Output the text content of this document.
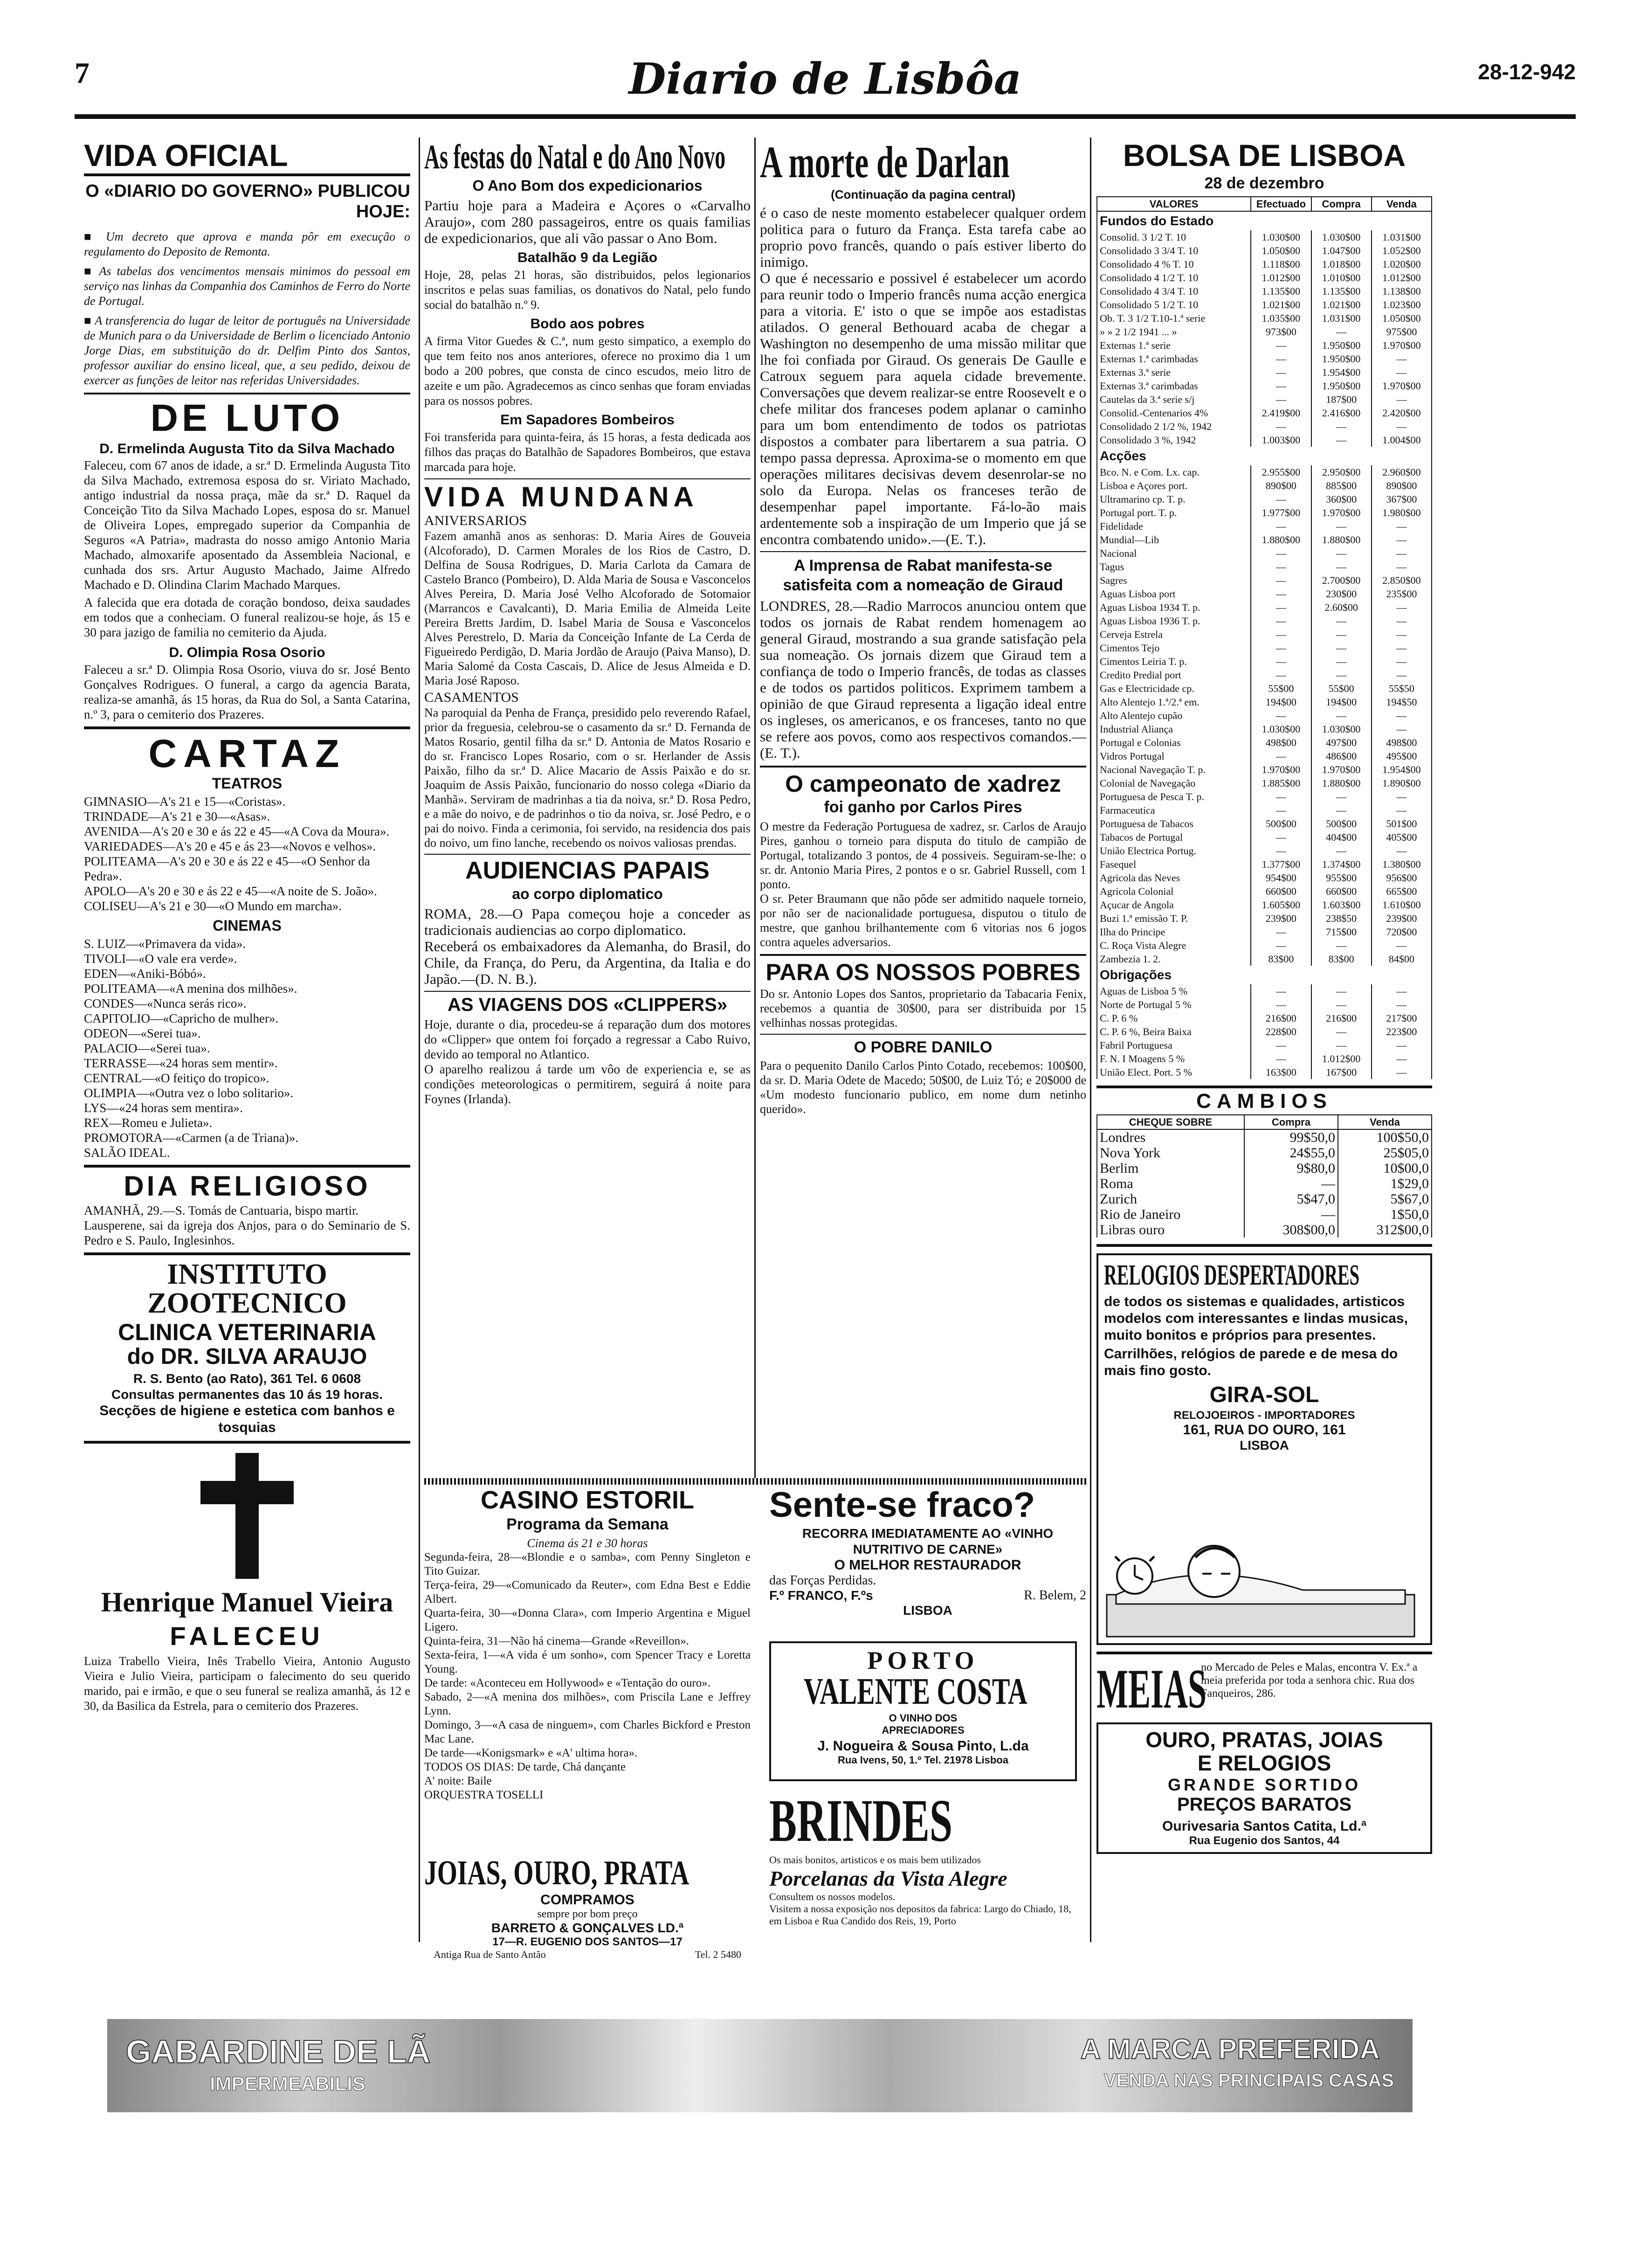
7	Diario de Lisbôa	28-12-942
VIDA OFICIAL
O «DIARIO DO GOVERNO» PUBLICOU HOJE:
■ Um decreto que aprova e manda pôr em execução o regulamento do Deposito de Remonta.
■ As tabelas dos vencimentos mensais minimos do pessoal em serviço nas linhas da Companhia dos Caminhos de Ferro do Norte de Portugal.
■ A transferencia do lugar de leitor de português na Universidade de Munich para o da Universidade de Berlim o licenciado Antonio Jorge Dias, em substituição do dr. Delfim Pinto dos Santos, professor auxiliar do ensino liceal, que, a seu pedido, deixou de exercer as funções de leitor nas referidas Universidades.
DE LUTO
D. Ermelinda Augusta Tito da Silva Machado
Faleceu, com 67 anos de idade, a sr.ª D. Ermelinda Augusta Tito da Silva Machado, extremosa esposa do sr. Viriato Machado, antigo industrial da nossa praça, mãe da sr.ª D. Raquel da Conceição Tito da Silva Machado Lopes, esposa do sr. Manuel de Oliveira Lopes, empregado superior da Companhia de Seguros «A Patria», madrasta do nosso amigo Antonio Maria Machado, almoxarife aposentado da Assembleia Nacional, e cunhada dos srs. Artur Augusto Machado, Jaime Alfredo Machado e D. Olindina Clarim Machado Marques.
A falecida que era dotada de coração bondoso, deixa saudades em todos que a conheciam. O funeral realizou-se hoje, ás 15 e 30 para jazigo de familia no cemiterio da Ajuda.
D. Olimpia Rosa Osorio
Faleceu a sr.ª D. Olimpia Rosa Osorio, viuva do sr. José Bento Gonçalves Rodrigues. O funeral, a cargo da agencia Barata, realiza-se amanhã, ás 15 horas, da Rua do Sol, a Santa Catarina, n.º 3, para o cemiterio dos Prazeres.
CARTAZ
TEATROS
GIMNASIO—A's 21 e 15—«Coristas».
TRINDADE—A's 21 e 30—«Asas».
AVENIDA—A's 20 e 30 e ás 22 e 45—«A Cova da Moura».
VARIEDADES—A's 20 e 45 e ás 23—«Novos e velhos».
POLITEAMA—A's 20 e 30 e ás 22 e 45—«O Senhor da Pedra».
APOLO—A's 20 e 30 e ás 22 e 45—«A noite de S. João».
COLISEU—A's 21 e 30—«O Mundo em marcha».
CINEMAS
S. LUIZ—«Primavera da vida».
TIVOLI—«O vale era verde».
EDEN—«Aniki-Bóbó».
POLITEAMA—«A menina dos milhões».
CONDES—«Nunca serás rico».
CAPITOLIO—«Capricho de mulher».
ODEON—«Serei tua».
PALACIO—«Serei tua».
TERRASSE—«24 horas sem mentir».
CENTRAL—«O feitiço do tropico».
OLIMPIA—«Outra vez o lobo solitario».
LYS—«24 horas sem mentira».
REX—Romeu e Julieta».
PROMOTORA—«Carmen (a de Triana)».
SALÃO IDEAL.
DIA RELIGIOSO
AMANHÃ, 29.—S. Tomás de Cantuaria, bispo martir.
Lausperene, sai da igreja dos Anjos, para o do Seminario de S. Pedro e S. Paulo, Inglesinhos.
INSTITUTO ZOOTECNICO
CLINICA VETERINARIA
do DR. SILVA ARAUJO
R. S. Bento (ao Rato), 361 Tel. 6 0608
Consultas permanentes das 10 ás 19 horas.
Secções de higiene e estetica com banhos e tosquias
Henrique Manuel Vieira
FALECEU
Luiza Trabello Vieira, Inês Trabello Vieira, Antonio Augusto Vieira e Julio Vieira, participam o falecimento do seu querido marido, pai e irmão, e que o seu funeral se realiza amanhã, ás 12 e 30, da Basilica da Estrela, para o cemiterio dos Prazeres.
As festas do Natal e do Ano Novo
O Ano Bom dos expedicionarios
Partiu hoje para a Madeira e Açores o «Carvalho Araujo», com 280 passageiros, entre os quais familias de expedicionarios, que ali vão passar o Ano Bom.
Batalhão 9 da Legião
Hoje, 28, pelas 21 horas, são distribuidos, pelos legionarios inscritos e pelas suas familias, os donativos do Natal, pelo fundo social do batalhão n.º 9.
Bodo aos pobres
A firma Vitor Guedes & C.ª, num gesto simpatico, a exemplo do que tem feito nos anos anteriores, oferece no proximo dia 1 um bodo a 200 pobres, que consta de cinco escudos, meio litro de azeite e um pão. Agradecemos as cinco senhas que foram enviadas para os nossos pobres.
Em Sapadores Bombeiros
Foi transferida para quinta-feira, ás 15 horas, a festa dedicada aos filhos das praças do Batalhão de Sapadores Bombeiros, que estava marcada para hoje.
VIDA MUNDANA
ANIVERSARIOS
Fazem amanhã anos as senhoras: D. Maria Aires de Gouveia (Alcoforado), D. Carmen Morales de los Rios de Castro, D. Delfina de Sousa Rodrigues, D. Maria Carlota da Camara de Castelo Branco (Pombeiro), D. Alda Maria de Sousa e Vasconcelos Alves Pereira, D. Maria José Velho Alcoforado de Sotomaior (Marrancos e Cavalcanti), D. Maria Emilia de Almeida Leite Pereira Bretts Jardim, D. Isabel Maria de Sousa e Vasconcelos Alves Perestrelo, D. Maria da Conceição Infante de La Cerda de Figueiredo Perdigão, D. Maria Jordão de Araujo (Paiva Manso), D. Maria Salomé da Costa Cascais, D. Alice de Jesus Almeida e D. Maria José Raposo.
CASAMENTOS
Na paroquial da Penha de França, presidido pelo reverendo Rafael, prior da freguesia, celebrou-se o casamento da sr.ª D. Fernanda de Matos Rosario, gentil filha da sr.ª D. Antonia de Matos Rosario e do sr. Francisco Lopes Rosario, com o sr. Herlander de Assis Paixão, filho da sr.ª D. Alice Macario de Assis Paixão e do sr. Joaquim de Assis Paixão, funcionario do nosso colega «Diario da Manhã». Serviram de madrinhas a tia da noiva, sr.ª D. Rosa Pedro, e a mãe do noivo, e de padrinhos o tio da noiva, sr. José Pedro, e o pai do noivo. Finda a cerimonia, foi servido, na residencia dos pais do noivo, um fino lanche, recebendo os noivos valiosas prendas.
AUDIENCIAS PAPAIS
ao corpo diplomatico
ROMA, 28.—O Papa começou hoje a conceder as tradicionais audiencias ao corpo diplomatico.
Receberá os embaixadores da Alemanha, do Brasil, do Chile, da França, do Peru, da Argentina, da Italia e do Japão.—(D. N. B.).
AS VIAGENS DOS «CLIPPERS»
Hoje, durante o dia, procedeu-se á reparação dum dos motores do «Clipper» que ontem foi forçado a regressar a Cabo Ruivo, devido ao temporal no Atlantico.
O aparelho realizou á tarde um vôo de experiencia e, se as condições meteorologicas o permitirem, seguirá á noite para Foynes (Irlanda).
A morte de Darlan
(Continuação da pagina central)
é o caso de neste momento estabelecer qualquer ordem politica para o futuro da França. Esta tarefa cabe ao proprio povo francês, quando o país estiver liberto do inimigo.
O que é necessario e possivel é estabelecer um acordo para reunir todo o Imperio francês numa acção energica para a vitoria. E' isto o que se impõe aos estadistas atilados. O general Bethouard acaba de chegar a Washington no desempenho de uma missão militar que lhe foi confiada por Giraud. Os generais De Gaulle e Catroux seguem para aquela cidade brevemente. Conversações que devem realizar-se entre Roosevelt e o chefe militar dos franceses podem aplanar o caminho para um bom entendimento de todos os patriotas dispostos a combater para libertarem a sua patria. O tempo passa depressa. Aproxima-se o momento em que operações militares decisivas devem desenrolar-se no solo da Europa. Nelas os franceses terão de desempenhar papel importante. Fá-lo-ão mais ardentemente sob a inspiração de um Imperio que já se encontra combatendo unido».—(E. T.).
A Imprensa de Rabat manifesta-se satisfeita com a nomeação de Giraud
LONDRES, 28.—Radio Marrocos anunciou ontem que todos os jornais de Rabat rendem homenagem ao general Giraud, mostrando a sua grande satisfação pela sua nomeação. Os jornais dizem que Giraud tem a confiança de todo o Imperio francês, de todas as classes e de todos os partidos politicos. Exprimem tambem a opinião de que Giraud representa a ligação ideal entre os ingleses, os americanos, e os franceses, tanto no que se refere aos povos, como aos respectivos comandos.—(E. T.).
O campeonato de xadrez
foi ganho por Carlos Pires
O mestre da Federação Portuguesa de xadrez, sr. Carlos de Araujo Pires, ganhou o torneio para disputa do titulo de campião de Portugal, totalizando 3 pontos, de 4 possiveis. Seguiram-se-lhe: o sr. dr. Antonio Maria Pires, 2 pontos e o sr. Gabriel Russell, com 1 ponto.
O sr. Peter Braumann que não pôde ser admitido naquele torneio, por não ser de nacionalidade portuguesa, disputou o titulo de mestre, que ganhou brilhantemente com 6 vitorias nos 6 jogos contra aqueles adversarios.
PARA OS NOSSOS POBRES
Do sr. Antonio Lopes dos Santos, proprietario da Tabacaria Fenix, recebemos a quantia de 30$00, para ser distribuida por 15 velhinhas nossas protegidas.
O POBRE DANILO
Para o pequenito Danilo Carlos Pinto Cotado, recebemos: 100$00, da sr. D. Maria Odete de Macedo; 50$00, de Luiz Tó; e 20$000 de «Um modesto funcionario publico, em nome dum netinho querido».
CASINO ESTORIL
Programa da Semana
Cinema ás 21 e 30 horas
Segunda-feira, 28—«Blondie e o samba», com Penny Singleton e Tito Guizar.
Terça-feira, 29—«Comunicado da Reuter», com Edna Best e Eddie Albert.
Quarta-feira, 30—«Donna Clara», com Imperio Argentina e Miguel Ligero.
Quinta-feira, 31—Não há cinema—Grande «Reveillon».
Sexta-feira, 1—«A vida é um sonho», com Spencer Tracy e Loretta Young.
De tarde: «Aconteceu em Hollywood» e «Tentação do ouro».
Sabado, 2—«A menina dos milhões», com Priscila Lane e Jeffrey Lynn.
Domingo, 3—«A casa de ninguem», com Charles Bickford e Preston Mac Lane.
De tarde—«Konigsmark» e «A' ultima hora».
TODOS OS DIAS: De tarde, Chá dançante
A' noite: Baile
ORQUESTRA TOSELLI
JOIAS, OURO, PRATA
COMPRAMOS
sempre por bom preço
BARRETO & GONÇALVES LD.ª
17—R. EUGENIO DOS SANTOS—17
Antiga Rua de Santo Antão	Tel. 2 5480
Sente-se fraco?
RECORRA IMEDIATAMENTE AO «VINHO NUTRITIVO DE CARNE»
O MELHOR RESTAURADOR
das Forças Perdidas.
F.º FRANCO, F.ºs	R. Belem, 2
LISBOA
PORTO
VALENTE COSTA
O VINHO DOS APRECIADORES
J. Nogueira & Sousa Pinto, L.da
Rua Ivens, 50, 1.º Tel. 21978 Lisboa
BRINDES
Os mais bonitos, artisticos e os mais bem utilizados
Porcelanas da Vista Alegre
Consultem os nossos modelos.
Visitem a nossa exposição nos depositos da fabrica: Largo do Chiado, 18, em Lisboa e Rua Candido dos Reis, 19, Porto
BOLSA DE LISBOA
28 de dezembro
VALORES	Efectuado	Compra	Venda
Fundos do Estado			
Consolid. 3 1/2 T. 10	1.030$00	1.030$00	1.031$00
Consolidado 3 3/4 T. 10	1.050$00	1.047$00	1.052$00
Consolidado 4 % T. 10	1.118$00	1.018$00	1.020$00
Consolidado 4 1/2 T. 10	1.012$00	1.010$00	1.012$00
Consolidado 4 3/4 T. 10	1.135$00	1.135$00	1.138$00
Consolidado 5 1/2 T. 10	1.021$00	1.021$00	1.023$00
Ob. T. 3 1/2 T.10-1.ª serie	1.035$00	1.031$00	1.050$00
» » 2 1/2 1941 ... »	973$00	—	975$00
Externas 1.ª serie	—	1.950$00	1.970$00
Externas 1.ª carimbadas	—	1.950$00	—
Externas 3.ª serie	—	1.954$00	—
Externas 3.ª carimbadas	—	1.950$00	1.970$00
Cautelas da 3.ª serie s/j	—	187$00	—
Consolid.-Centenarios 4%	2.419$00	2.416$00	2.420$00
Consolidado 2 1/2 %, 1942	—	—	—
Consolidado 3 %, 1942	1.003$00	—	1.004$00
Acções			
Bco. N. e Com. Lx. cap.	2.955$00	2.950$00	2.960$00
Lisboa e Açores port.	890$00	885$00	890$00
Ultramarino cp. T. p.	—	360$00	367$00
Portugal port. T. p.	1.977$00	1.970$00	1.980$00
Fidelidade	—	—	—
Mundial—Lib	1.880$00	1.880$00	—
Nacional	—	—	—
Tagus	—	—	—
Sagres	—	2.700$00	2.850$00
Aguas Lisboa port	—	230$00	235$00
Aguas Lisboa 1934 T. p.	—	2.60$00	—
Aguas Lisboa 1936 T. p.	—	—	—
Cerveja Estrela	—	—	—
Cimentos Tejo	—	—	—
Cimentos Leiria T. p.	—	—	—
Credito Predial port	—	—	—
Gas e Electricidade cp.	55$00	55$00	55$50
Alto Alentejo 1.ª/2.ª em.	194$00	194$00	194$50
Alto Alentejo cupão	—	—	—
Industrial Aliança	1.030$00	1.030$00	—
Portugal e Colonias	498$00	497$00	498$00
Vidros Portugal	—	486$00	495$00
Nacional Navegação T. p.	1.970$00	1.970$00	1.954$00
Colonial de Navegação	1.885$00	1.880$00	1.890$00
Portuguesa de Pesca T. p.	—	—	—
Farmaceutica	—	—	—
Portuguesa de Tabacos	500$00	500$00	501$00
Tabacos de Portugal	—	404$00	405$00
União Electrica Portug.	—	—	—
Fasequel	1.377$00	1.374$00	1.380$00
Agricola das Neves	954$00	955$00	956$00
Agricola Colonial	660$00	660$00	665$00
Açucar de Angola	1.605$00	1.603$00	1.610$00
Buzi 1.ª emissão T. P.	239$00	238$50	239$00
Ilha do Principe	—	715$00	720$00
C. Roça Vista Alegre	—	—	—
Zambezia 1. 2.	83$00	83$00	84$00
Obrigações			
Aguas de Lisboa 5 %	—	—	—
Norte de Portugal 5 %	—	—	—
C. P. 6 %	216$00	216$00	217$00
C. P. 6 %, Beira Baixa	228$00	—	223$00
Fabril Portuguesa	—	—	—
F. N. I Moagens 5 %	—	1.012$00	—
União Elect. Port. 5 %	163$00	167$00	—
CAMBIOS
CHEQUE SOBRE	Compra	Venda
Londres	99$50,0	100$50,0
Nova York	24$55,0	25$05,0
Berlim	9$80,0	10$00,0
Roma	—	1$29,0
Zurich	5$47,0	5$67,0
Rio de Janeiro	—	1$50,0
Libras ouro	308$00,0	312$00,0
RELOGIOS DESPERTADORES
de todos os sistemas e qualidades, artisticos modelos com interessantes e lindas musicas, muito bonitos e próprios para presentes.
Carrilhões, relógios de parede e de mesa do mais fino gosto.
GIRA-SOL
RELOJOEIROS - IMPORTADORES
161, RUA DO OURO, 161
LISBOA
MEIAS
no Mercado de Peles e Malas, encontra V. Ex.ª a meia preferida por toda a senhora chic. Rua dos Fanqueiros, 286.
OURO, PRATAS, JOIAS
E RELOGIOS
GRANDE SORTIDO
PREÇOS BARATOS
Ourivesaria Santos Catita, Ld.ª
Rua Eugenio dos Santos, 44
GABARDINE DE LÃ
IMPERMEABILIS
A MARCA PREFERIDA
VENDA NAS PRINCIPAIS CASAS
